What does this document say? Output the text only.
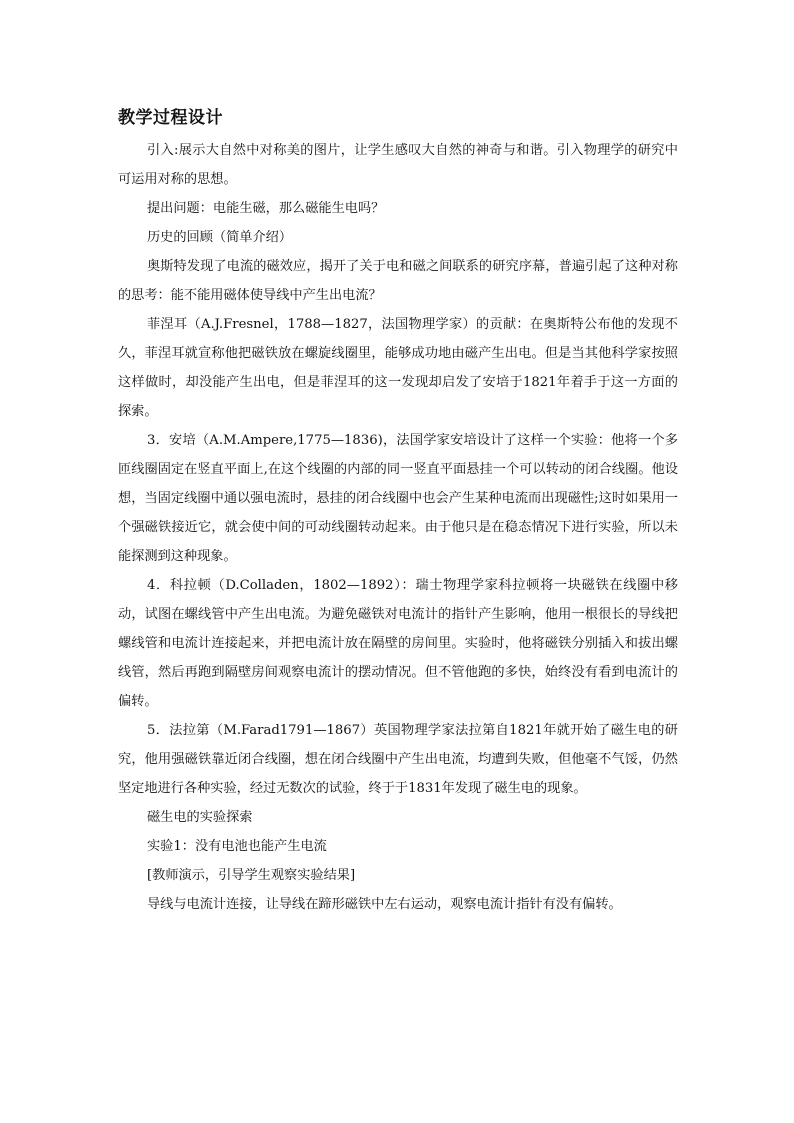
教学过程设计

引入:展示大自然中对称美的图片，让学生感叹大自然的神奇与和谐。引入物理学的研究中可运用对称的思想。

提出问题：电能生磁，那么磁能生电吗？

历史的回顾（简单介绍）

奥斯特发现了电流的磁效应，揭开了关于电和磁之间联系的研究序幕，普遍引起了这种对称的思考：能不能用磁体使导线中产生出电流？

菲涅耳（A.J.Fresnel，1788—1827，法国物理学家）的贡献：在奥斯特公布他的发现不久，菲涅耳就宣称他把磁铁放在螺旋线圈里，能够成功地由磁产生出电。但是当其他科学家按照这样做时，却没能产生出电，但是菲涅耳的这一发现却启发了安培于1821年着手于这一方面的探索。

3．安培（A.M.Ampere,1775—1836)，法国学家安培设计了这样一个实验：他将一个多匝线圈固定在竖直平面上,在这个线圈的内部的同一竖直平面悬挂一个可以转动的闭合线圈。他设想，当固定线圈中通以强电流时，悬挂的闭合线圈中也会产生某种电流而出现磁性;这时如果用一个强磁铁接近它，就会使中间的可动线圈转动起来。由于他只是在稳态情况下进行实验，所以未能探测到这种现象。

4．科拉顿（D.Colladen，1802—1892）：瑞士物理学家科拉顿将一块磁铁在线圈中移动，试图在螺线管中产生出电流。为避免磁铁对电流计的指针产生影响，他用一根很长的导线把螺线管和电流计连接起来，并把电流计放在隔壁的房间里。实验时，他将磁铁分别插入和拔出螺线管，然后再跑到隔壁房间观察电流计的摆动情况。但不管他跑的多快，始终没有看到电流计的偏转。

5．法拉第（M.Farad1791—1867）英国物理学家法拉第自1821年就开始了磁生电的研究，他用强磁铁靠近闭合线圈，想在闭合线圈中产生出电流，均遭到失败，但他毫不气馁，仍然坚定地进行各种实验，经过无数次的试验，终于于1831年发现了磁生电的现象。

磁生电的实验探索

实验1：没有电池也能产生电流

[教师演示，引导学生观察实验结果]

导线与电流计连接，让导线在蹄形磁铁中左右运动，观察电流计指针有没有偏转。
